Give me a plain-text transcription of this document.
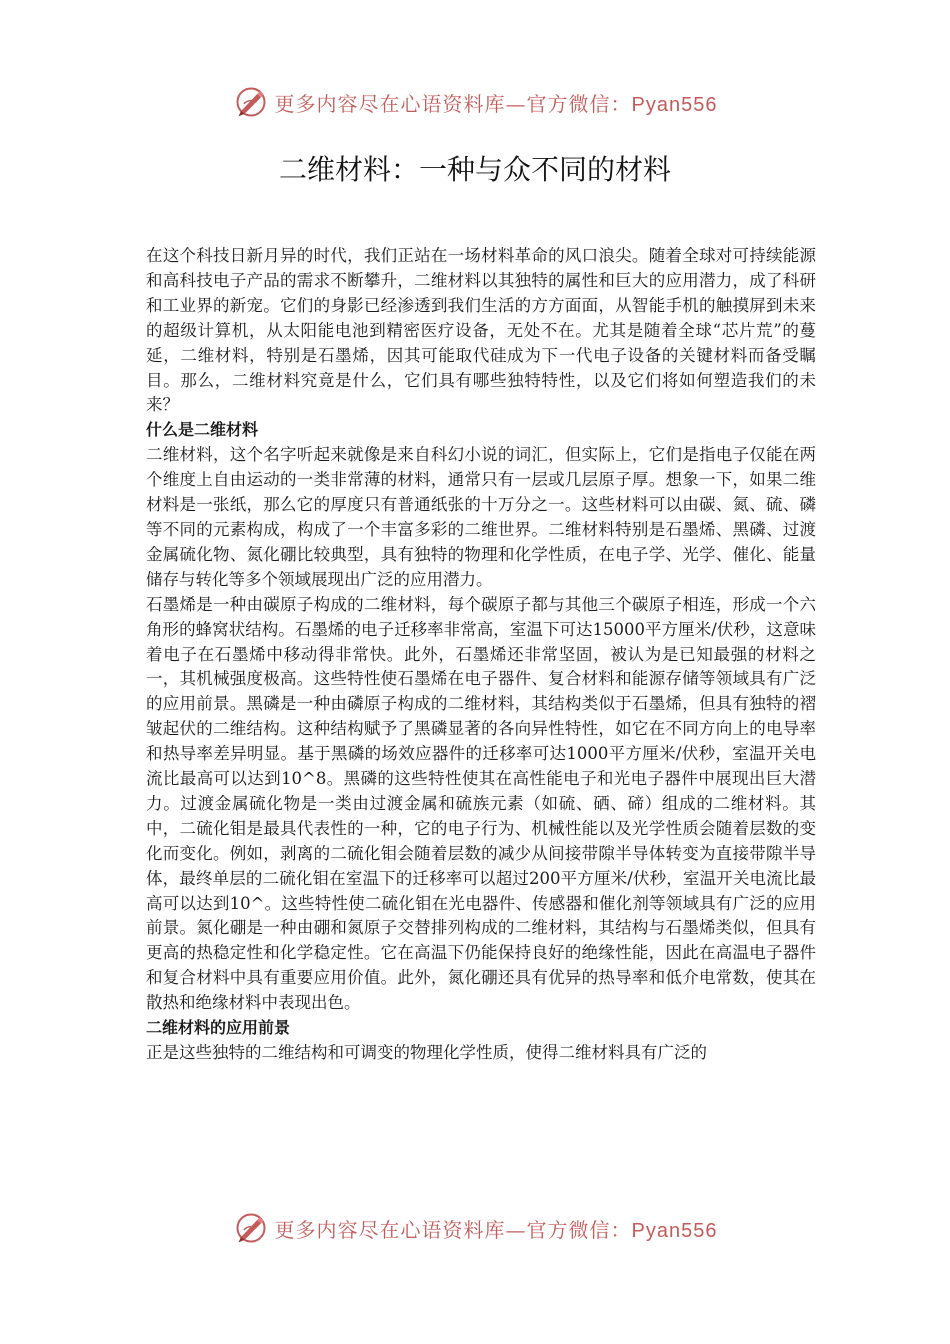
更多内容尽在心语资料库—官方微信：Pyan556
二维材料：一种与众不同的材料

在这个科技日新月异的时代，我们正站在一场材料革命的风口浪尖。随着全球对可持续能源和高科技电子产品的需求不断攀升，二维材料以其独特的属性和巨大的应用潜力，成了科研和工业界的新宠。它们的身影已经渗透到我们生活的方方面面，从智能手机的触摸屏到未来的超级计算机，从太阳能电池到精密医疗设备，无处不在。尤其是随着全球“芯片荒”的蔓延，二维材料，特别是石墨烯，因其可能取代硅成为下一代电子设备的关键材料而备受瞩目。那么，二维材料究竟是什么，它们具有哪些独特特性，以及它们将如何塑造我们的未来？

什么是二维材料

二维材料，这个名字听起来就像是来自科幻小说的词汇，但实际上，它们是指电子仅能在两个维度上自由运动的一类非常薄的材料，通常只有一层或几层原子厚。想象一下，如果二维材料是一张纸，那么它的厚度只有普通纸张的十万分之一。这些材料可以由碳、氮、硫、磷等不同的元素构成，构成了一个丰富多彩的二维世界。二维材料特别是石墨烯、黑磷、过渡金属硫化物、氮化硼比较典型，具有独特的物理和化学性质，在电子学、光学、催化、能量储存与转化等多个领域展现出广泛的应用潜力。

石墨烯是一种由碳原子构成的二维材料，每个碳原子都与其他三个碳原子相连，形成一个六角形的蜂窝状结构。石墨烯的电子迁移率非常高，室温下可达15000平方厘米/伏秒，这意味着电子在石墨烯中移动得非常快。此外，石墨烯还非常坚固，被认为是已知最强的材料之一，其机械强度极高。这些特性使石墨烯在电子器件、复合材料和能源存储等领域具有广泛的应用前景。黑磷是一种由磷原子构成的二维材料，其结构类似于石墨烯，但具有独特的褶皱起伏的二维结构。这种结构赋予了黑磷显著的各向异性特性，如它在不同方向上的电导率和热导率差异明显。基于黑磷的场效应器件的迁移率可达1000平方厘米/伏秒，室温开关电流比最高可以达到10^8。黑磷的这些特性使其在高性能电子和光电子器件中展现出巨大潜力。过渡金属硫化物是一类由过渡金属和硫族元素（如硫、硒、碲）组成的二维材料。其中，二硫化钼是最具代表性的一种，它的电子行为、机械性能以及光学性质会随着层数的变化而变化。例如，剥离的二硫化钼会随着层数的减少从间接带隙半导体转变为直接带隙半导体，最终单层的二硫化钼在室温下的迁移率可以超过200平方厘米/伏秒，室温开关电流比最高可以达到10^。这些特性使二硫化钼在光电器件、传感器和催化剂等领域具有广泛的应用前景。氮化硼是一种由硼和氮原子交替排列构成的二维材料，其结构与石墨烯类似，但具有更高的热稳定性和化学稳定性。它在高温下仍能保持良好的绝缘性能，因此在高温电子器件和复合材料中具有重要应用价值。此外，氮化硼还具有优异的热导率和低介电常数，使其在散热和绝缘材料中表现出色。

二维材料的应用前景

正是这些独特的二维结构和可调变的物理化学性质，使得二维材料具有广泛的

更多内容尽在心语资料库—官方微信：Pyan556
